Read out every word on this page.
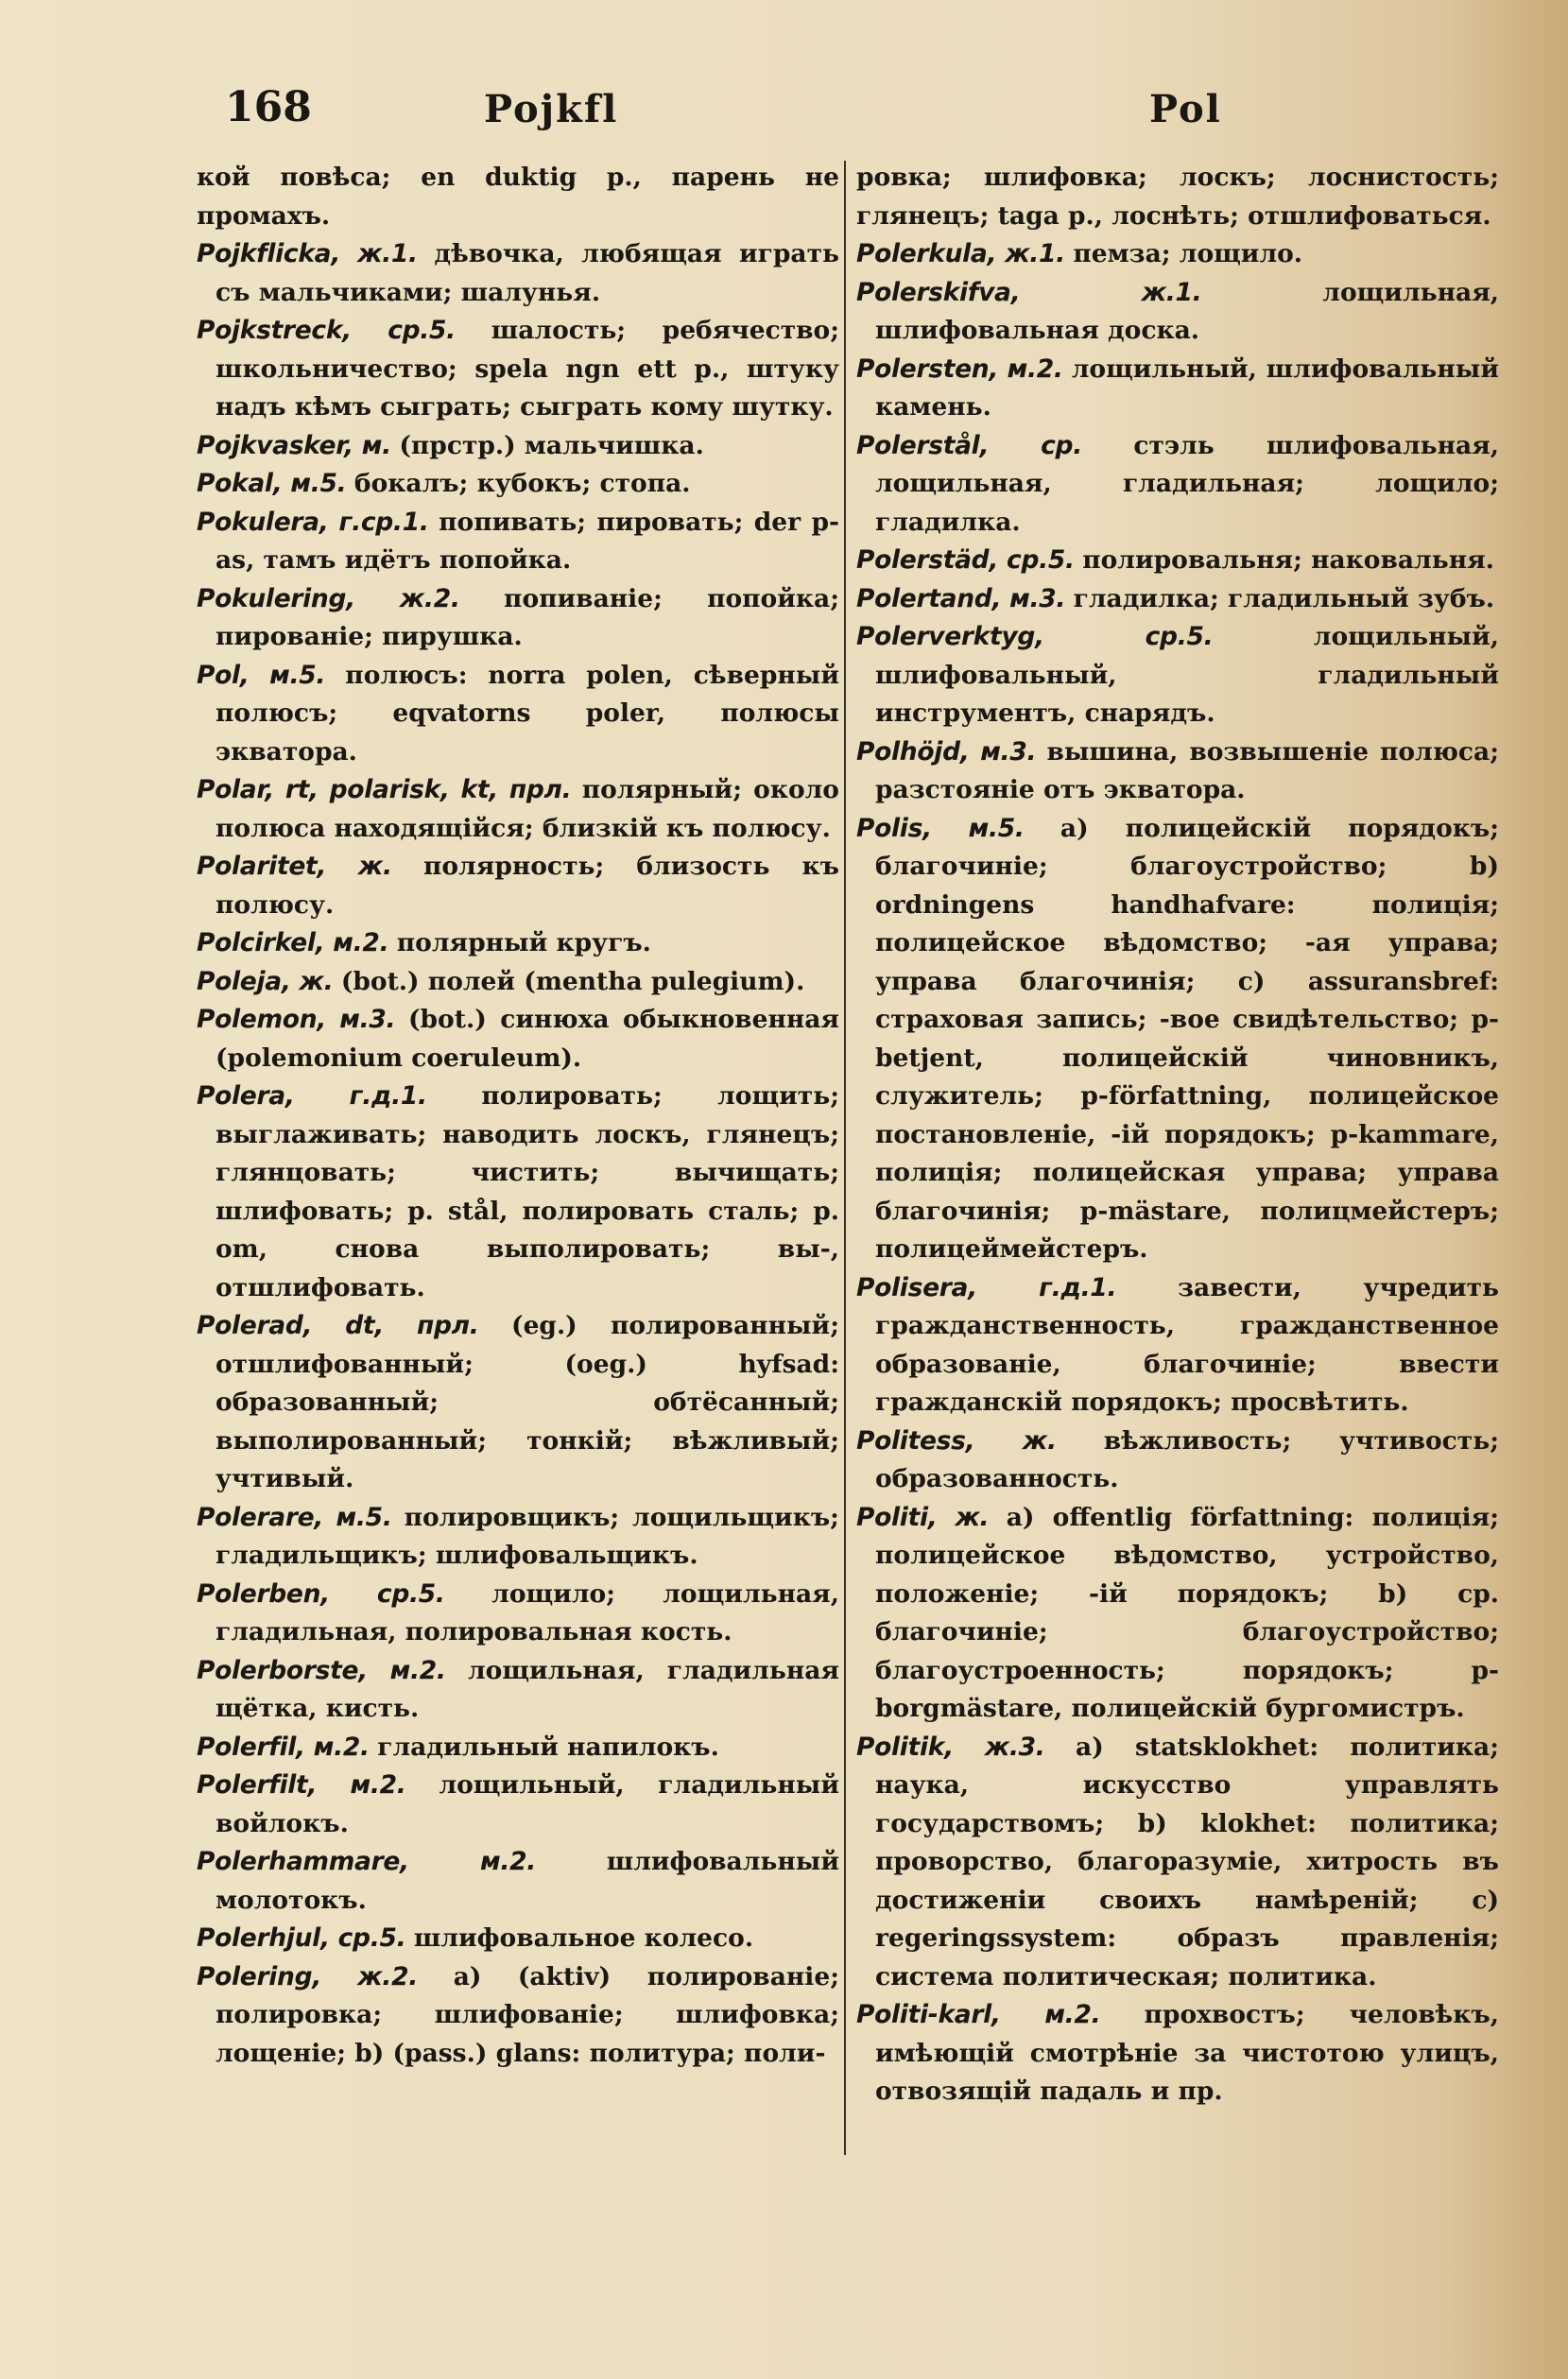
168	Pojkfl	Pol

кой повѣса; en duktig p., парень не промахъ.

Pojkflicka, ж.1. дѣвочка, любящая играть съ мальчиками; шалунья.

Pojkstreck, ср.5. шалость; ребячество; школьничество; spela ngn ett p., штуку надъ кѣмъ сыграть; сыграть кому шутку.

Pojkvasker, м. (прстр.) мальчишка.

Pokal, м.5. бокалъ; кубокъ; стопа.

Pokulera, г.ср.1. попивать; пировать; der p-as, тамъ идётъ попойка.

Pokulering, ж.2. попиваніе; попойка; пированіе; пирушка.

Pol, м.5. полюсъ: norra polen, сѣверный полюсъ; eqvatorns poler, полюсы экватора.

Polar, rt, polarisk, kt, прл. полярный; около полюса находящійся; близкій къ полюсу.

Polaritet, ж. полярность; близость къ полюсу.

Polcirkel, м.2. полярный кругъ.

Poleja, ж. (bot.) полей (mentha pulegium).

Polemon, м.3. (bot.) синюха обыкновенная (polemonium coeruleum).

Polera, г.д.1. полировать; лощить; выглаживать; наводить лоскъ, глянецъ; глянцовать; чистить; вычищать; шлифовать; p. stål, полировать сталь; p. om, снова выполировать; вы-, отшлифовать.

Polerad, dt, прл. (eg.) полированный; отшлифованный; (oeg.) hyfsad: образованный; обтёсанный; выполированный; тонкій; вѣжливый; учтивый.

Polerare, м.5. полировщикъ; лощильщикъ; гладильщикъ; шлифовальщикъ.

Polerben, ср.5. лощило; лощильная, гладильная, полировальная кость.

Polerborste, м.2. лощильная, гладильная щётка, кисть.

Polerfil, м.2. гладильный напилокъ.

Polerfilt, м.2. лощильный, гладильный войлокъ.

Polerhammare, м.2.	шлифовальный молотокъ.

Polerhjul, ср.5. шлифовальное колесо.

Polering, ж.2. a) (aktiv) полированіе; полировка; шлифованіе; шлифовка; лощеніе; b) (pass.) glans: политура; поли-

ровка; шлифовка; лоскъ; лоснистость; глянецъ; taga p., лоснѣть; отшлифоваться.

Polerkula, ж.1. пемза; лощило.

Polerskifva, ж.1.	лощильная, шлифовальная доска.

Polersten, м.2. лощильный, шлифовальный камень.

Polerstål, ср. стэль шлифовальная, лощильная, гладильная; лощило; гладилка.

Polerstäd, ср.5. полировальня; наковальня.

Polertand, м.3. гладилка; гладильный зубъ.

Polerverktyg, ср.5.	лощильный, шлифовальный, гладильный инструментъ, снарядъ.

Polhöjd, м.3. вышина, возвышеніе полюса; разстояніе отъ экватора.

Polis, м.5. a) полицейскій порядокъ; благочиніе; благоустройство; b) ordningens handhafvare: полиція; полицейское вѣдомство; -ая управа; управа благочинія; c) assuransbref: страховая запись; -вое свидѣтельство; p-betjent, полицейскій чиновникъ, служитель; p-författning, полицейское постановленіе, -ій порядокъ; p-kammare, полиція; полицейская управа; управа благочинія; p-mästare, полицмейстеръ; полицеймейстеръ.

Polisera, г.д.1. завести, учредить гражданственность, гражданственное образованіе, благочиніе; ввести гражданскій порядокъ; просвѣтить.

Politess, ж. вѣжливость; учтивость; образованность.

Politi, ж. a) offentlig författning: полиція; полицейское вѣдомство, устройство, положеніе; -ій порядокъ; b) ср. благочиніе; благоустройство; благоустроенность; порядокъ; p-borgmästare, полицейскій бургомистръ.

Politik, ж.3. a) statsklokhet: политика; наука, искусство управлять государствомъ; b) klokhet: политика; проворство, благоразуміе, хитрость въ достиженіи своихъ намѣреній; c) regeringssystem: образъ правленія; система политическая; политика.

Politi-karl, м.2. прохвостъ; человѣкъ, имѣющій смотрѣніе за чистотою улицъ, отвозящій падаль и пр.
